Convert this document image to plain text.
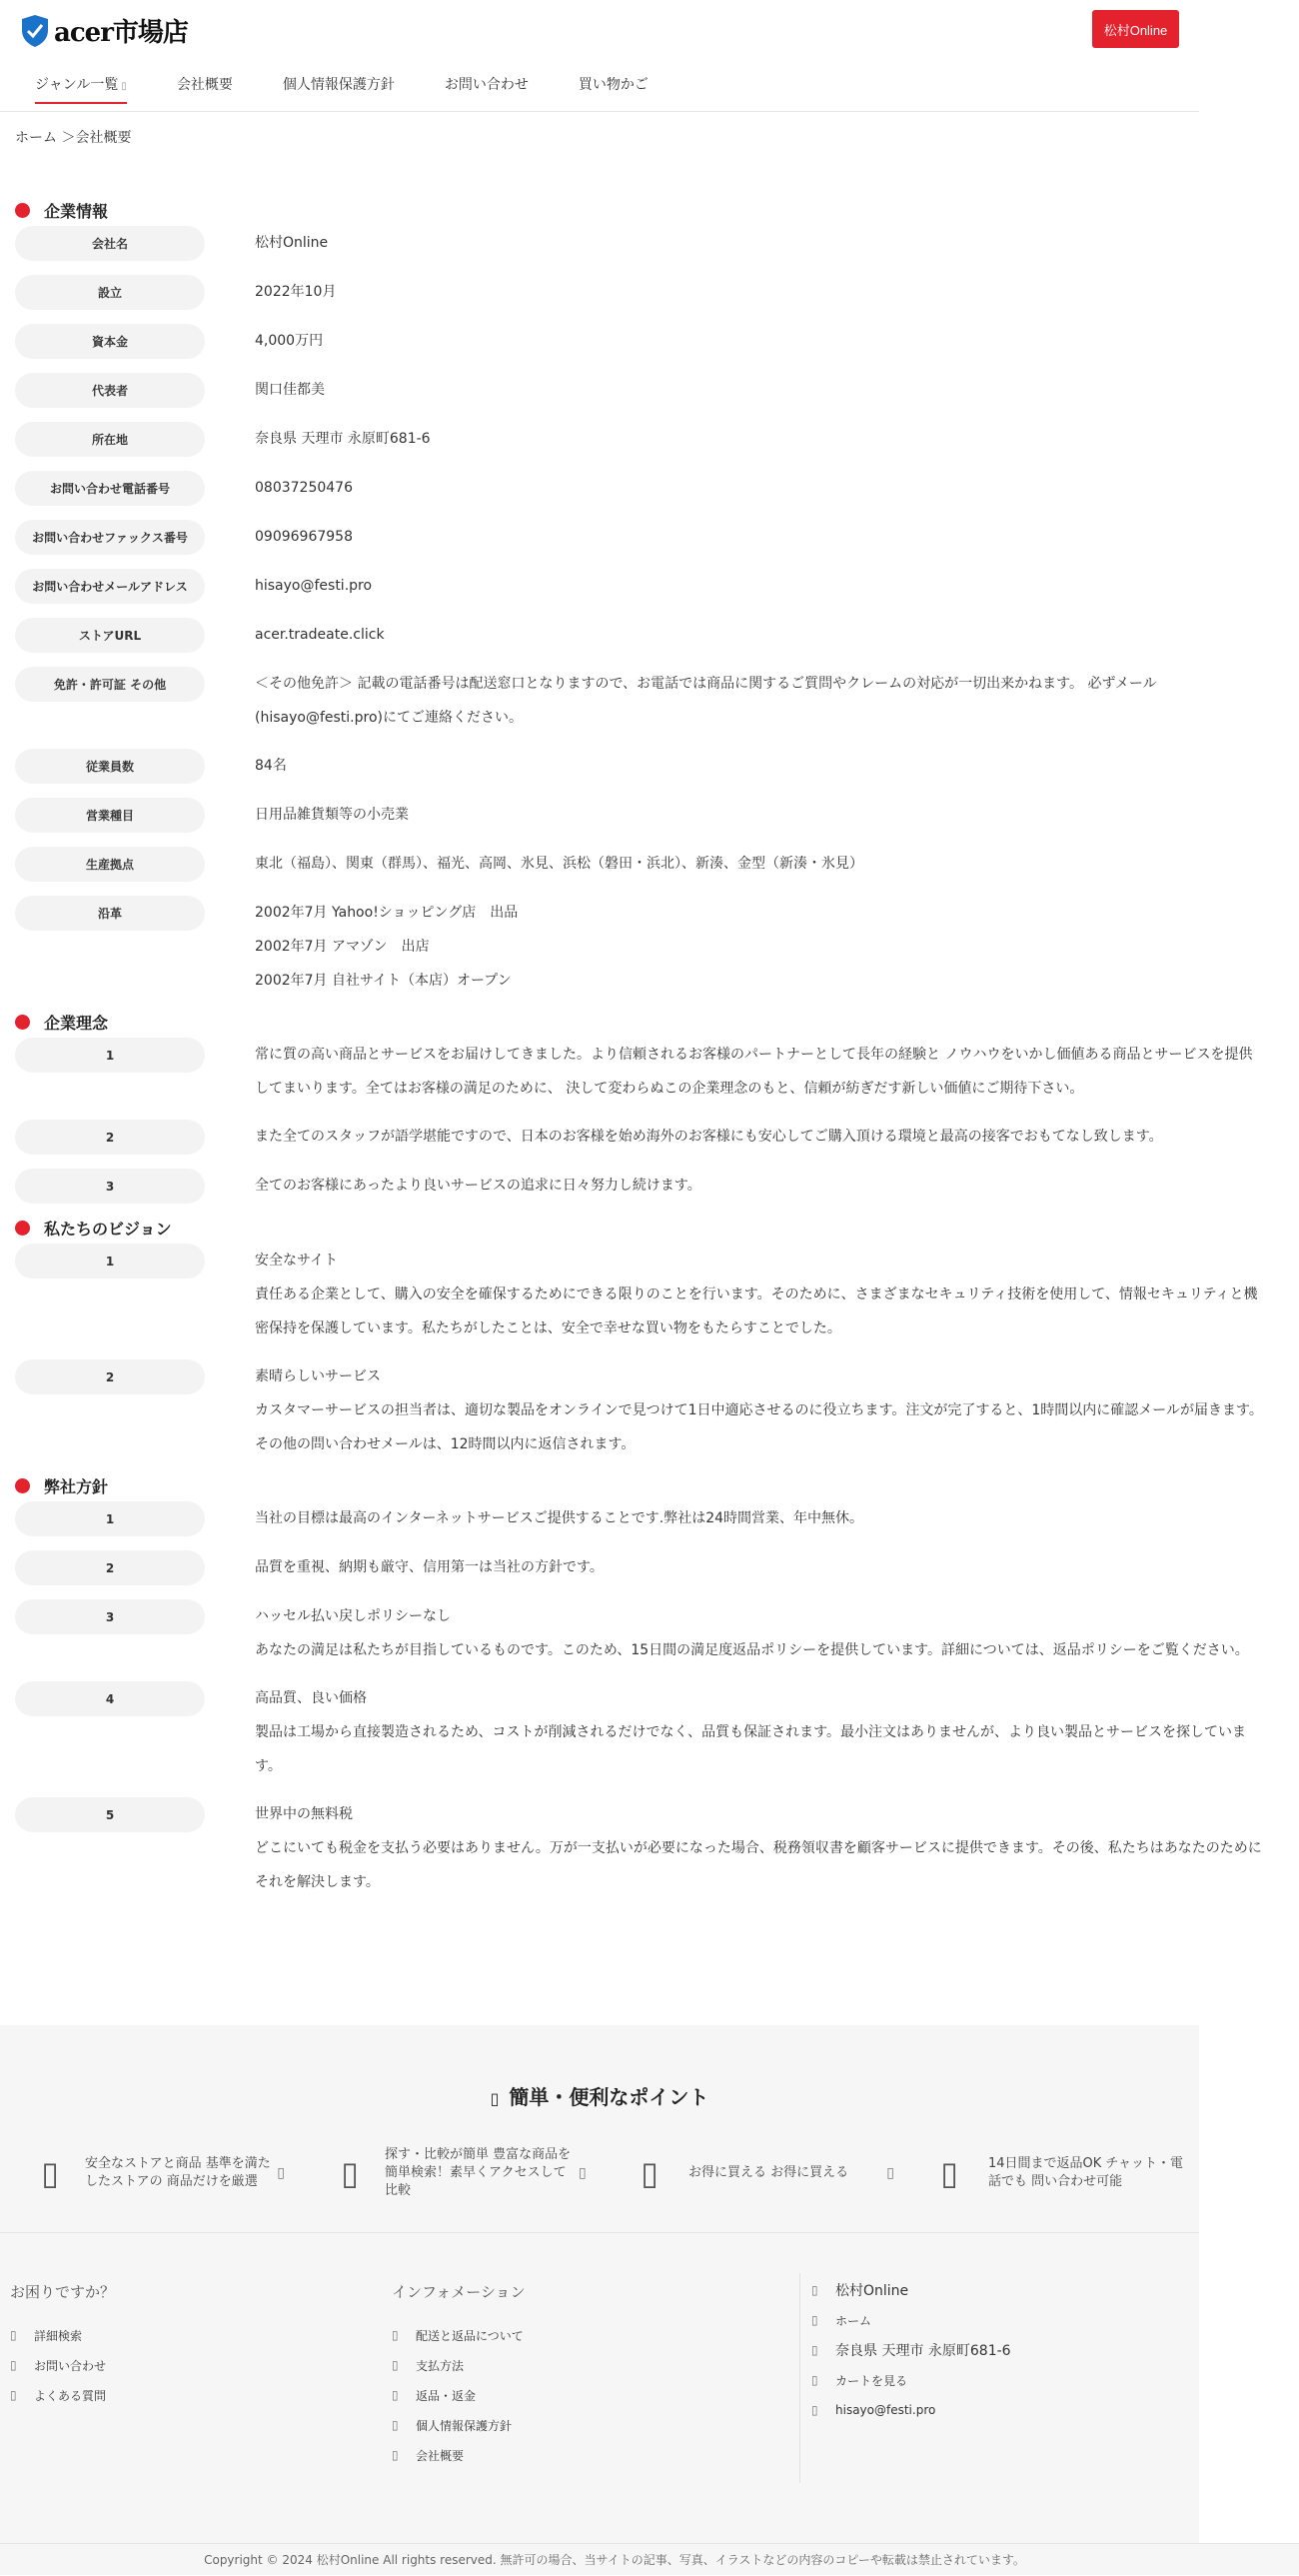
acer市場店	松村Online
ジャンル一覧 ▯	会社概要	個人情報保護方針	お問い合わせ	買い物かご
ホーム ＞会社概要
企業情報
会社名	松村Online
設立	2022年10月
資本金	4,000万円
代表者	関口佳都美
所在地	奈良県 天理市 永原町681-6
お問い合わせ電話番号	08037250476
お問い合わせファックス番号	09096967958
お問い合わせメールアドレス	hisayo@festi.pro
ストアURL	acer.tradeate.click
免許・許可証 その他	＜その他免許＞ 記載の電話番号は配送窓口となりますので、お電話では商品に関するご質問やクレームの対応が一切出来かねます。 必ずメール(hisayo@festi.pro)にてご連絡ください。
従業員数	84名
営業種目	日用品雑貨類等の小売業
生産拠点	東北（福島）、関東（群馬）、福光、高岡、氷見、浜松（磐田・浜北）、新湊、金型（新湊・氷見）
沿革	2002年7月 Yahoo!ショッピング店　出品

2002年7月 アマゾン　出店

2002年7月 自社サイト（本店）オープン

企業理念
1	常に質の高い商品とサービスをお届けしてきました。より信頼されるお客様のパートナーとして長年の経験と ノウハウをいかし価値ある商品とサービスを提供してまいります。全てはお客様の満足のために、 決して変わらぬこの企業理念のもと、信頼が紡ぎだす新しい価値にご期待下さい。
2	また全てのスタッフが語学堪能ですので、日本のお客様を始め海外のお客様にも安心してご購入頂ける環境と最高の接客でおもてなし致します。
3	全てのお客様にあったより良いサービスの追求に日々努力し続けます。
私たちのビジョン
1	安全なサイト

責任ある企業として、購入の安全を確保するためにできる限りのことを行います。そのために、さまざまなセキュリティ技術を使用して、情報セキュリティと機密保持を保護しています。私たちがしたことは、安全で幸せな買い物をもたらすことでした。

2	素晴らしいサービス

カスタマーサービスの担当者は、適切な製品をオンラインで見つけて1日中適応させるのに役立ちます。注文が完了すると、1時間以内に確認メールが届きます。その他の問い合わせメールは、12時間以内に返信されます。

弊社方針
1	当社の目標は最高のインターネットサービスご提供することです.弊社は24時間営業、年中無休。
2	品質を重視、納期も厳守、信用第一は当社の方針です。
3	ハッセル払い戻しポリシーなし

あなたの満足は私たちが目指しているものです。このため、15日間の満足度返品ポリシーを提供しています。詳細については、返品ポリシーをご覧ください。

4	高品質、良い価格

製品は工場から直接製造されるため、コストが削減されるだけでなく、品質も保証されます。最小注文はありませんが、より良い製品とサービスを探しています。

5	世界中の無料税

どこにいても税金を支払う必要はありません。万が一支払いが必要になった場合、税務領収書を顧客サービスに提供できます。その後、私たちはあなたのためにそれを解決します。

▯ 簡単・便利なポイント
▯	安全なストアと商品 基準を満たしたストアの 商品だけを厳選
▯	▯	探す・比較が簡単 豊富な商品を簡単検索！素早くアクセスして比較
▯	▯	お得に買える お得に買える	▯	▯	14日間まで返品OK チャット・電話でも 問い合わせ可能
お困りですか？
▯	詳細検索
▯	お問い合わせ
▯	よくある質問
インフォメーション
▯	配送と返品について
▯	支払方法
▯	返品・返金
▯	個人情報保護方針
▯	会社概要
▯	松村Online
▯	ホーム
▯	奈良県 天理市 永原町681-6
▯	カートを見る
▯	hisayo@festi.pro
Copyright © 2024 松村Online All rights reserved. 無許可の場合、当サイトの記事、写真、イラストなどの内容のコピーや転載は禁止されています。
